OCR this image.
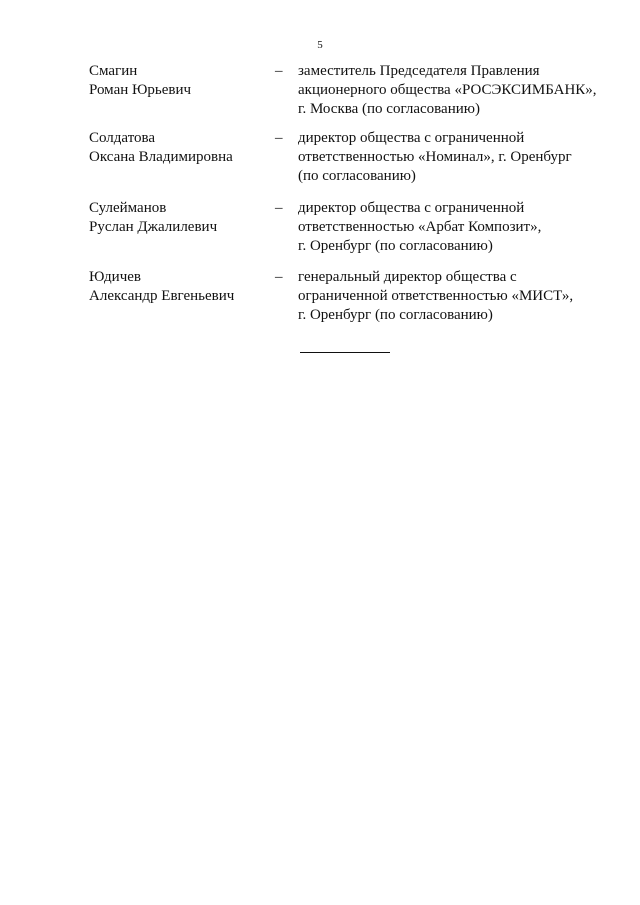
5
Смагин
Роман Юрьевич
– заместитель Председателя Правления
акционерного общества «РОСЭКСИМБАНК»,
г. Москва (по согласованию)
Солдатова
Оксана Владимировна
– директор общества с ограниченной
ответственностью «Номинал», г. Оренбург
(по согласованию)
Сулейманов
Руслан Джалилевич
– директор общества с ограниченной
ответственностью «Арбат Композит»,
г. Оренбург (по согласованию)
Юдичев
Александр Евгеньевич
– генеральный директор общества с
ограниченной ответственностью «МИСТ»,
г. Оренбург (по согласованию)
